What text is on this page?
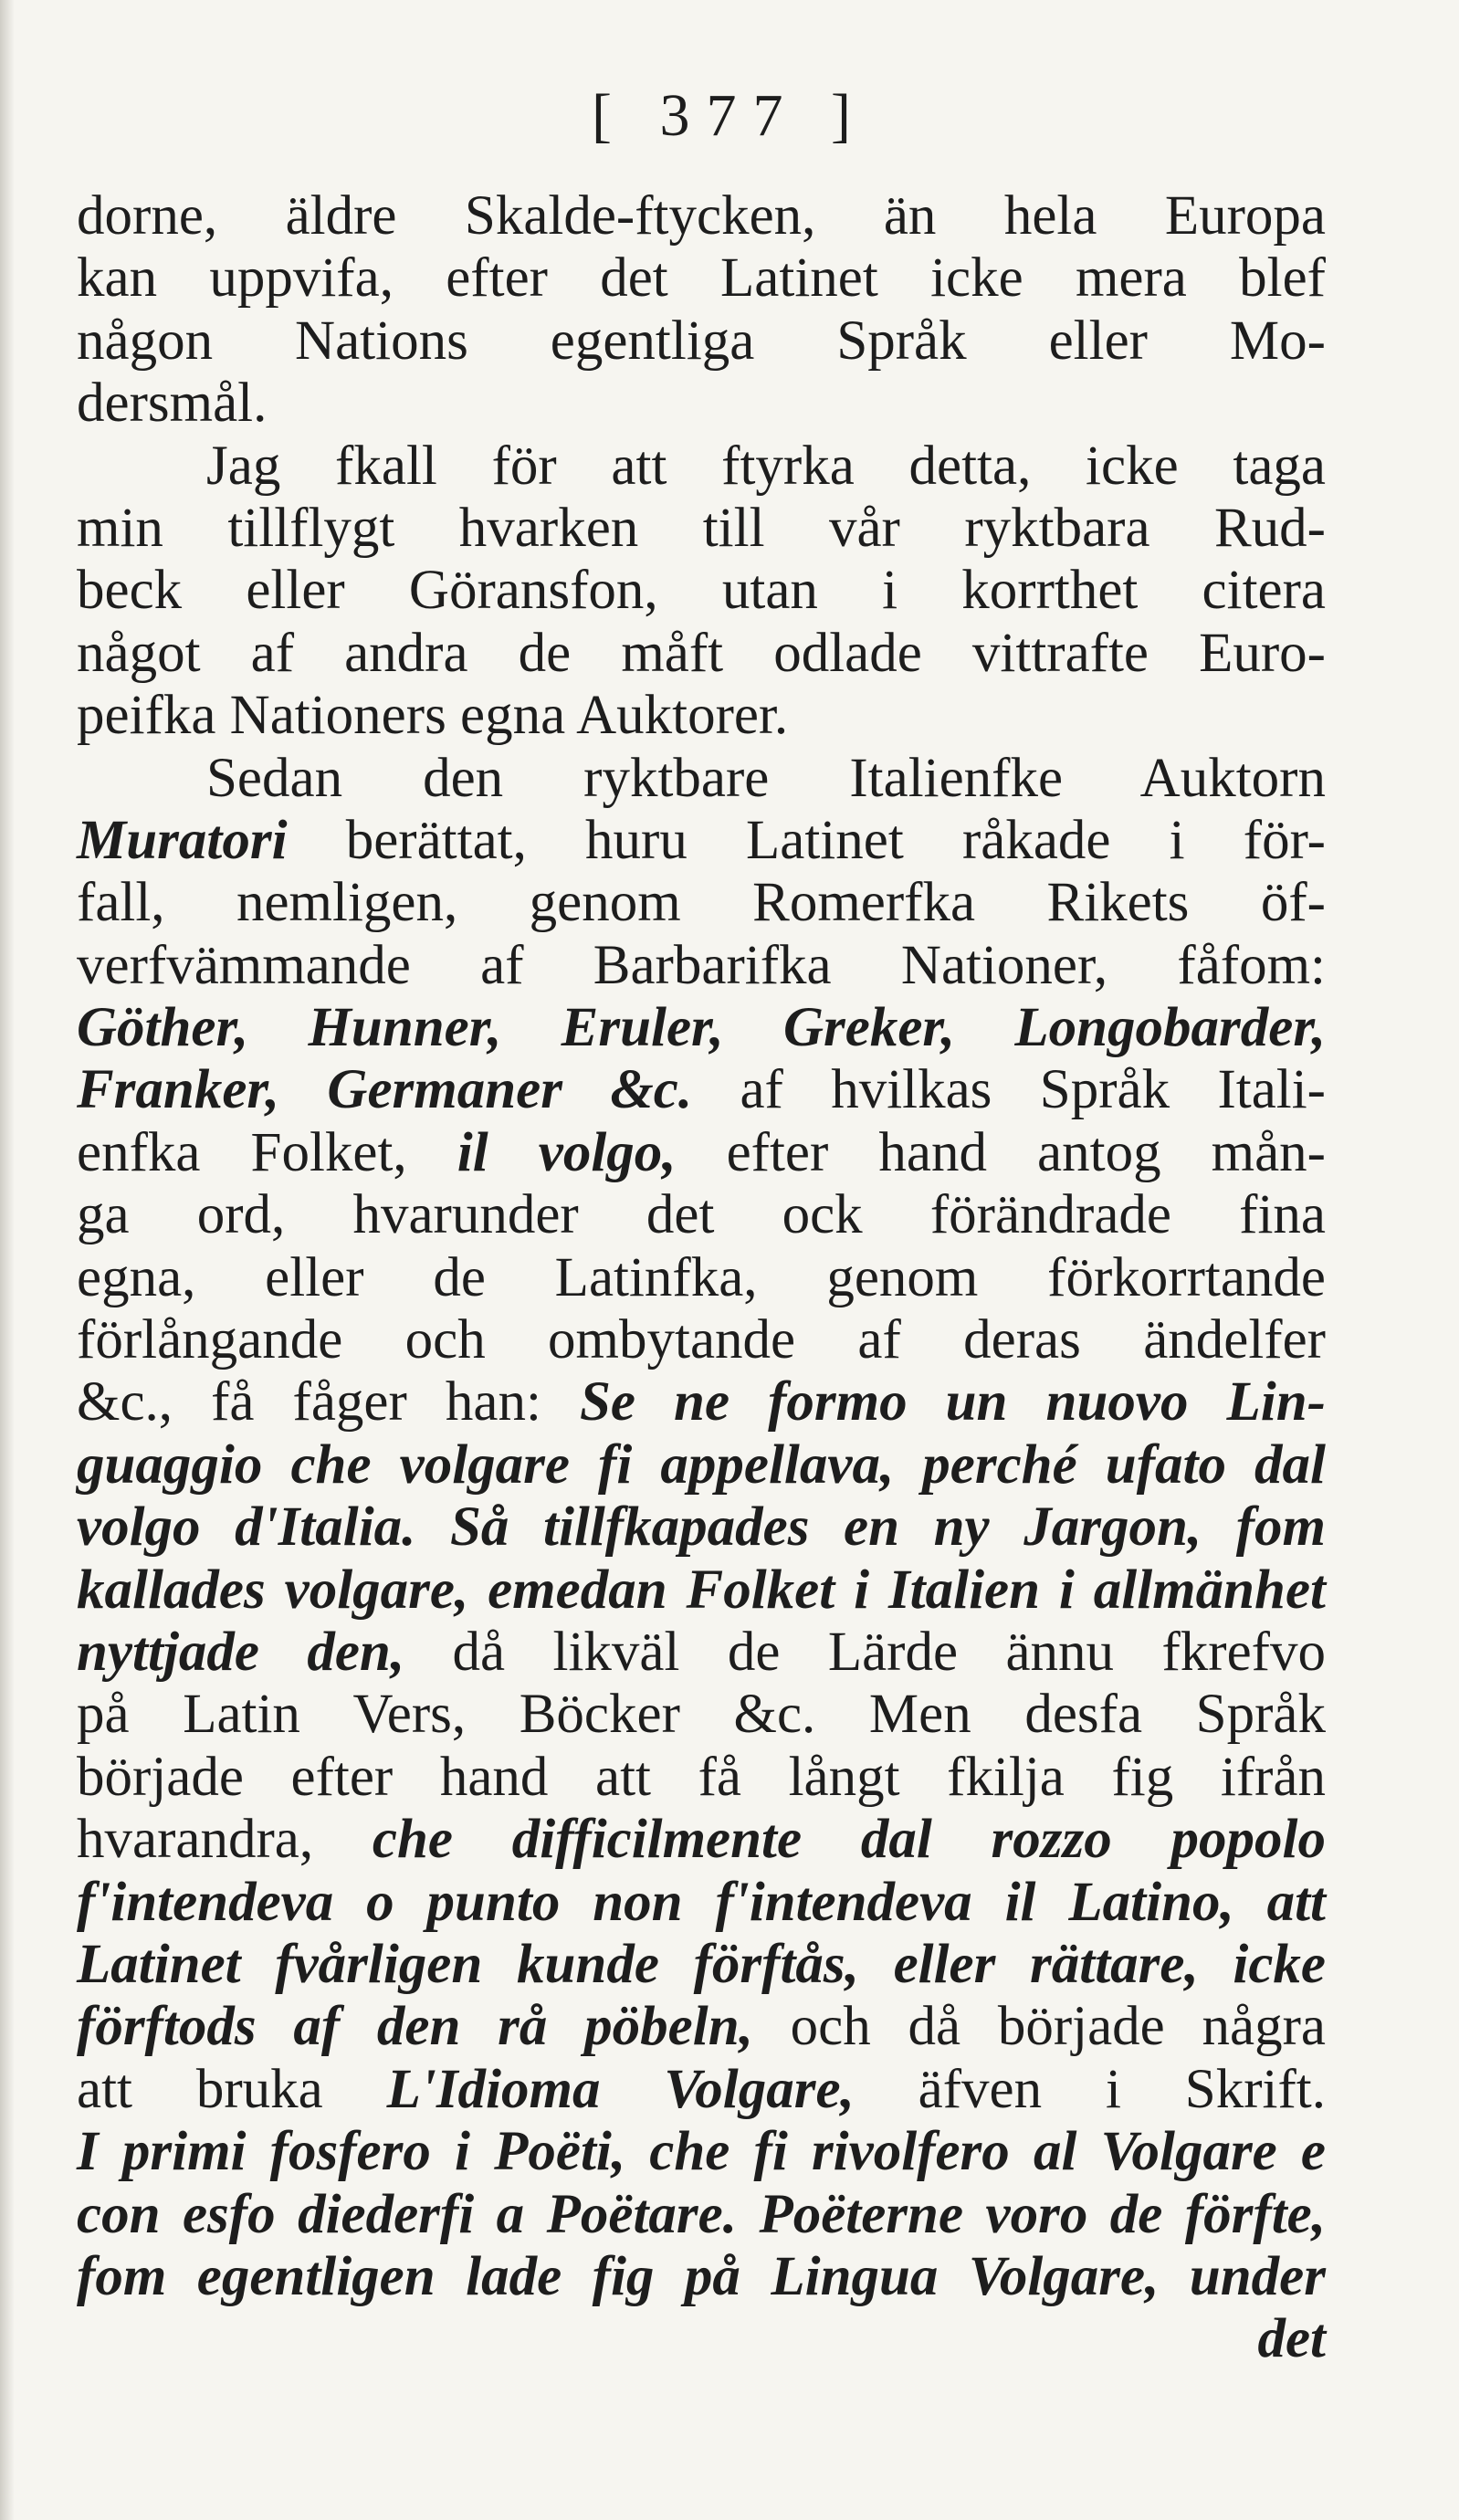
[ 377 ]
dorne, äldre Skalde-ftycken, än hela Europa
kan uppvifa, efter det Latinet icke mera blef
någon Nations egentliga Språk eller Mo-
dersmål.
Jag fkall för att ftyrka detta, icke taga
min tillflygt hvarken till vår ryktbara Rud-
beck eller Göransfon, utan i korrthet citera
något af andra de måft odlade vittrafte Euro-
peifka Nationers egna Auktorer.
Sedan den ryktbare Italienfke Auktorn
Muratori berättat, huru Latinet råkade i för-
fall, nemligen, genom Romerfka Rikets öf-
verfvämmande af Barbarifka Nationer, fåfom:
Göther, Hunner, Eruler, Greker, Longobarder,
Franker, Germaner &c. af hvilkas Språk Itali-
enfka Folket, il volgo, efter hand antog mån-
ga ord, hvarunder det ock förändrade fina
egna, eller de Latinfka, genom förkorrtande
förlångande och ombytande af deras ändelfer
&c., få fåger han: Se ne formo un nuovo Lin-
guaggio che volgare fi appellava, perché ufato dal
volgo d'Italia. Så tillfkapades en ny Jargon, fom
kallades volgare, emedan Folket i Italien i allmänhet
nyttjade den, då likväl de Lärde ännu fkrefvo
på Latin Vers, Böcker &c. Men desfa Språk
började efter hand att få långt fkilja fig ifrån
hvarandra, che difficilmente dal rozzo popolo
f'intendeva o punto non f'intendeva il Latino, att
Latinet fvårligen kunde förftås, eller rättare, icke
förftods af den rå pöbeln, och då började några
att bruka L'Idioma Volgare, äfven i Skrift.
I primi fosfero i Poëti, che fi rivolfero al Volgare e
con esfo diederfi a Poëtare. Poëterne voro de förfte,
fom egentligen lade fig på Lingua Volgare, under
det
